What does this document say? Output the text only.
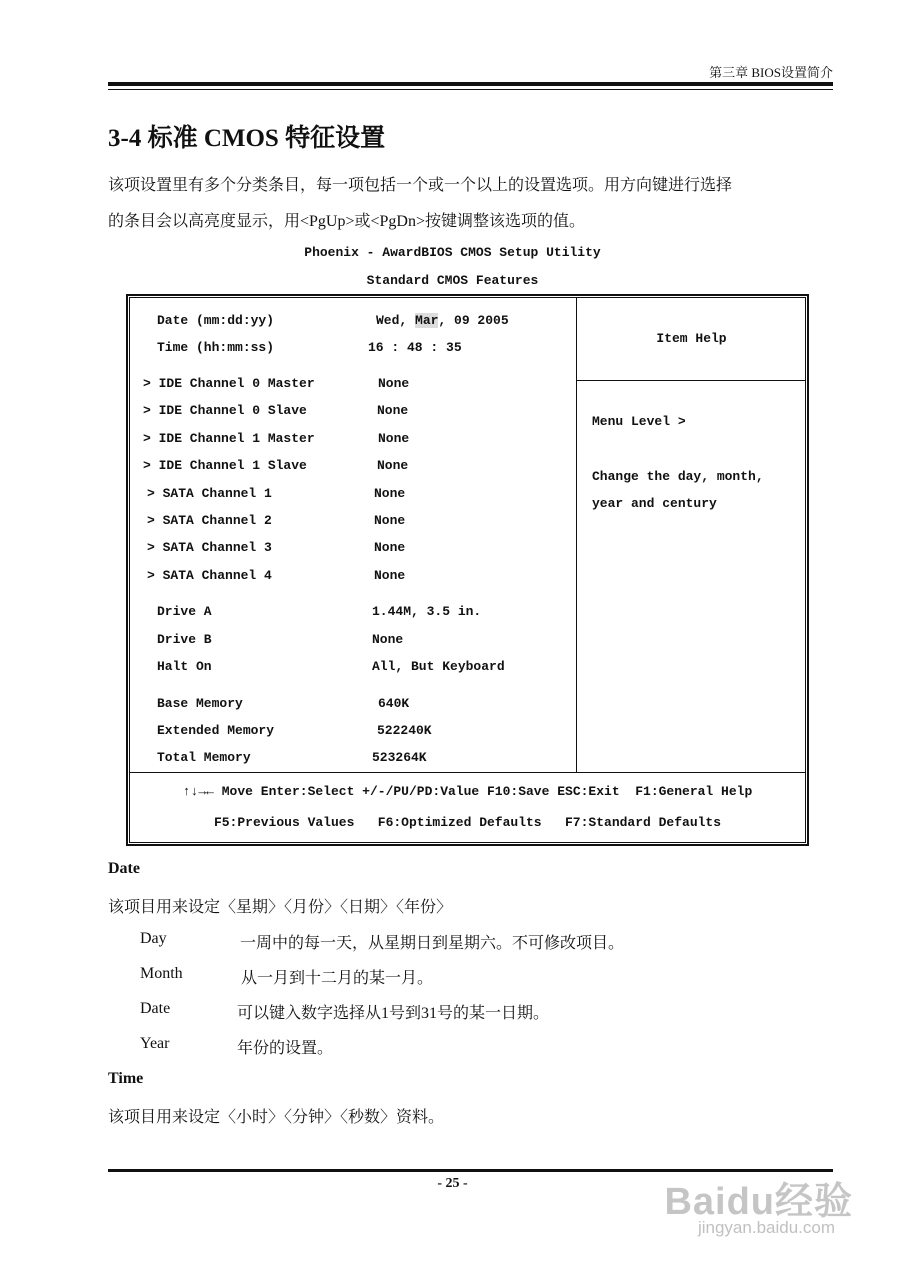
第三章 BIOS设置简介
3-4 标准 CMOS 特征设置
该项设置里有多个分类条目，每一项包括一个或一个以上的设置选项。用方向键进行选择
的条目会以高亮度显示，用<PgUp>或<PgDn>按键调整该选项的值。
Phoenix - AwardBIOS CMOS Setup Utility
Standard CMOS Features
Date (mm:dd:yy)	Wed, Mar, 09 2005
Time (hh:mm:ss)	16 : 48 : 35
> IDE Channel 0 Master	None
> IDE Channel 0 Slave	None
> IDE Channel 1 Master	None
> IDE Channel 1 Slave	None
> SATA Channel 1	None
> SATA Channel 2	None
> SATA Channel 3	None
> SATA Channel 4	None
Drive A	1.44M, 3.5 in.
Drive B	None
Halt On	All, But Keyboard
Base Memory	640K
Extended Memory	522240K
Total Memory	523264K
Item Help
Menu Level >
Change the day, month,
year and century
↑↓→← Move Enter:Select +/-/PU/PD:Value F10:Save ESC:Exit  F1:General Help
F5:Previous Values   F6:Optimized Defaults   F7:Standard Defaults
Date
该项目用来设定〈星期〉〈月份〉〈日期〉〈年份〉
Day	一周中的每一天，从星期日到星期六。不可修改项目。
Month	从一月到十二月的某一月。
Date	可以键入数字选择从1号到31号的某一日期。
Year	年份的设置。
Time
该项目用来设定〈小时〉〈分钟〉〈秒数〉资料。
- 25 -	Baidu经验
jingyan.baidu.com
